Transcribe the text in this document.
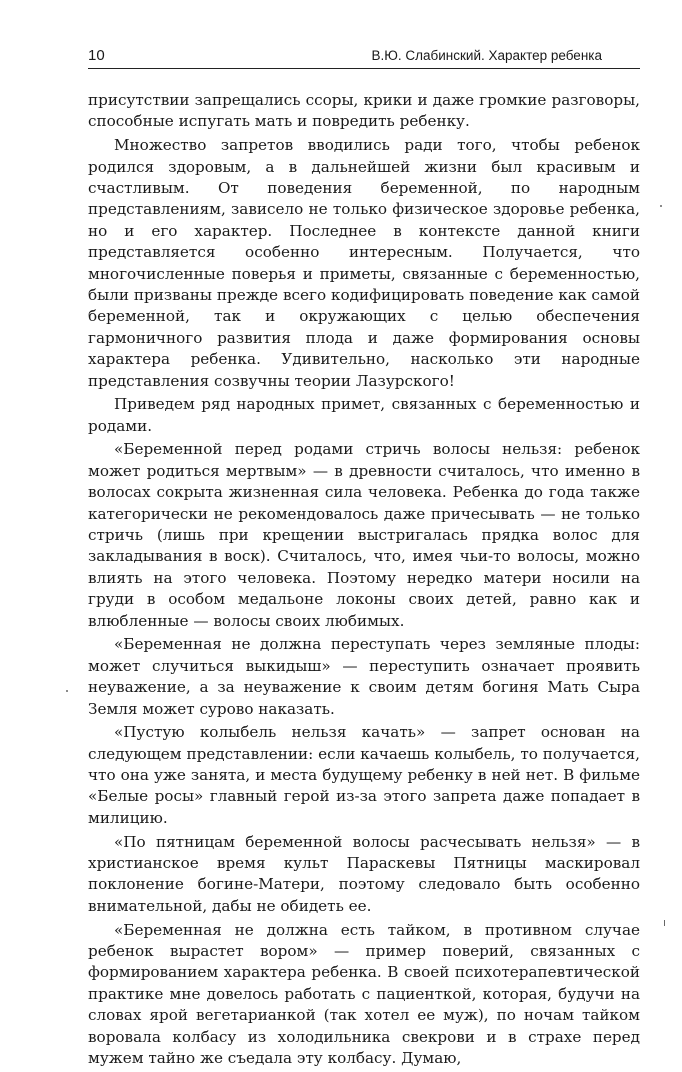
10	В.Ю. Слабинский. Характер ребенка

присутствии запрещались ссоры, крики и даже громкие разговоры, способные испугать мать и повредить ребенку.

Множество запретов вводились ради того, чтобы ребенок родился здоровым, а в дальнейшей жизни был красивым и счастливым. От поведения беременной, по народным представлениям, зависело не только физическое здоровье ребенка, но и его характер. Последнее в контексте данной книги представляется особенно интересным. Получается, что многочисленные поверья и приметы, связанные с беременностью, были призваны прежде всего кодифицировать поведение как самой беременной, так и окружающих с целью обеспечения гармоничного развития плода и даже формирования основы характера ребенка. Удивительно, насколько эти народные представления созвучны теории Лазурского!

Приведем ряд народных примет, связанных с беременностью и родами.

«Беременной перед родами стричь волосы нельзя: ребенок может родиться мертвым» — в древности считалось, что именно в волосах сокрыта жизненная сила человека. Ребенка до года также категорически не рекомендовалось даже причесывать — не только стричь (лишь при крещении выстригалась прядка волос для закладывания в воск). Считалось, что, имея чьи-то волосы, можно влиять на этого человека. Поэтому нередко матери носили на груди в особом медальоне локоны своих детей, равно как и влюбленные — волосы своих любимых.

«Беременная не должна переступать через земляные плоды: может случиться выкидыш» — переступить означает проявить неуважение, а за неуважение к своим детям богиня Мать Сыра Земля может сурово наказать.

«Пустую колыбель нельзя качать» — запрет основан на следующем представлении: если качаешь колыбель, то получается, что она уже занята, и места будущему ребенку в ней нет. В фильме «Белые росы» главный герой из-за этого запрета даже попадает в милицию.

«По пятницам беременной волосы расчесывать нельзя» — в христианское время культ Параскевы Пятницы маскировал поклонение богине-Матери, поэтому следовало быть особенно внимательной, дабы не обидеть ее.

«Беременная не должна есть тайком, в противном случае ребенок вырастет вором» — пример поверий, связанных с формированием характера ребенка. В своей психотерапевтической практике мне довелось работать с пациенткой, которая, будучи на словах ярой вегетарианкой (так хотел ее муж), по ночам тайком воровала колбасу из холодильника свекрови и в страхе перед мужем тайно же съедала эту колбасу. Думаю,
